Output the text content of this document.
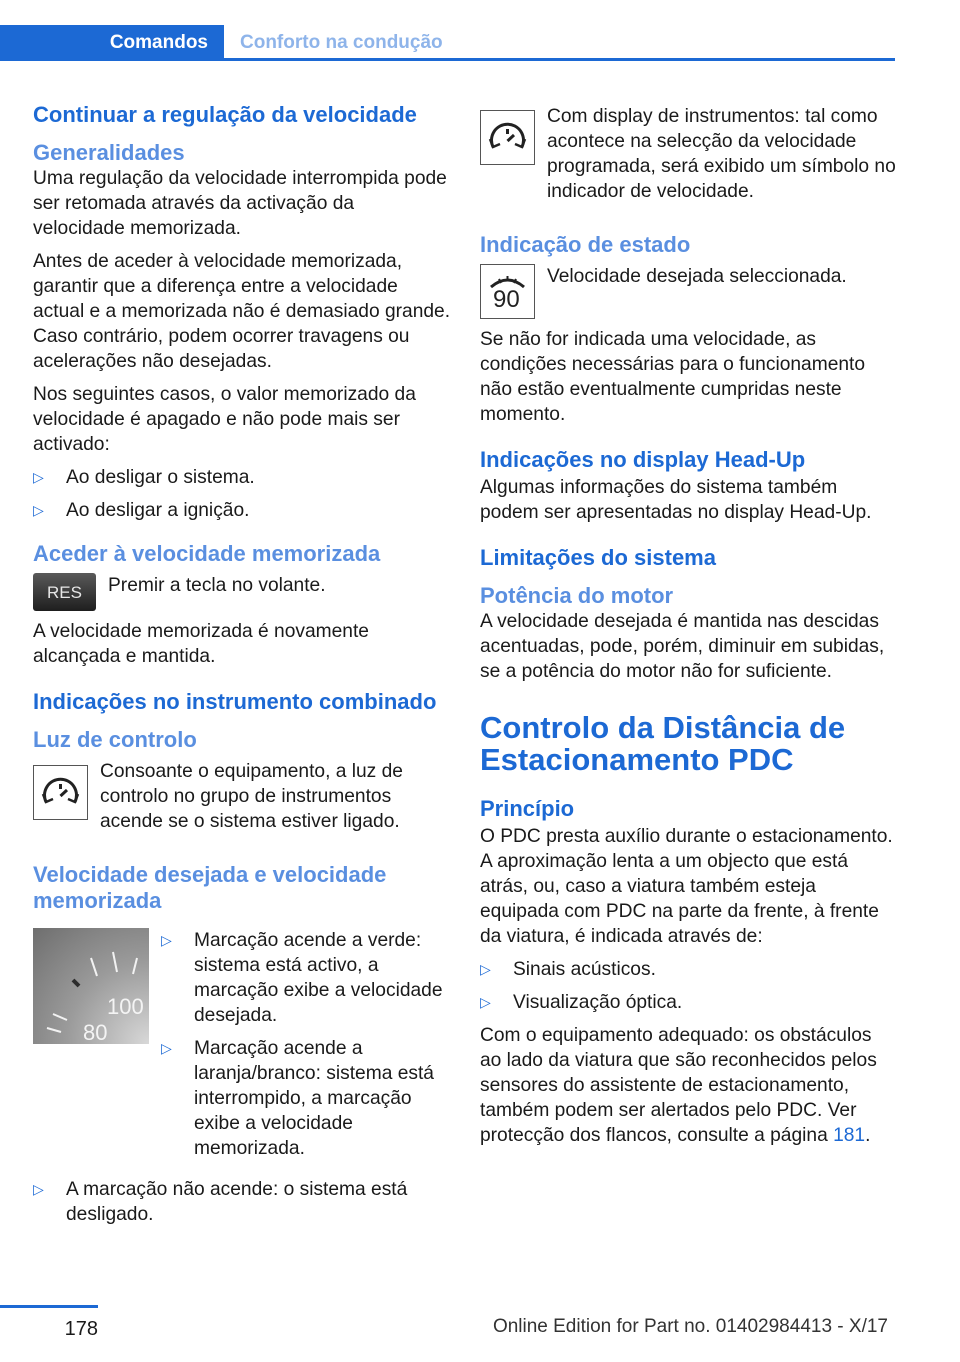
Comandos	Conforto na condução
Continuar a regulação da velocidade
Generalidades

Uma regulação da velocidade interrompida pode ser retomada através da activação da velocidade memorizada.

Antes de aceder à velocidade memorizada, garantir que a diferença entre a velocidade actual e a memorizada não é demasiado grande. Caso contrário, podem ocorrer travagens ou acelerações não desejadas.

Nos seguintes casos, o valor memorizado da velocidade é apagado e não pode mais ser activado:

▷	Ao desligar o sistema.
▷	Ao desligar a ignição.
Aceder à velocidade memorizada
RES	Premir a tecla no volante.

A velocidade memorizada é novamente alcançada e mantida.

Indicações no instrumento combinado
Luz de controlo
Consoante o equipamento, a luz de controlo no grupo de instrumentos acende se o sistema estiver ligado.
Velocidade desejada e velocidade memorizada
100
80
▷	Marcação acende a verde: sistema está activo, a marcação exibe a velocidade desejada.
▷	Marcação acende a laranja/branco: sistema está interrompido, a marcação exibe a velocidade memorizada.
▷	A marcação não acende: o sistema está desligado.
Com display de instrumentos: tal como acontece na selecção da velocidade programada, será exibido um símbolo no indicador de velocidade.
Indicação de estado
90
Velocidade desejada seleccionada.

Se não for indicada uma velocidade, as condições necessárias para o funcionamento não estão eventualmente cumpridas neste momento.

Indicações no display Head-Up

Algumas informações do sistema também podem ser apresentadas no display Head-Up.

Limitações do sistema
Potência do motor

A velocidade desejada é mantida nas descidas acentuadas, pode, porém, diminuir em subidas, se a potência do motor não for suficiente.

Controlo da Distância de Estacionamento PDC
Princípio

O PDC presta auxílio durante o estacionamento. A aproximação lenta a um objecto que está atrás, ou, caso a viatura também esteja equipada com PDC na parte da frente, à frente da viatura, é indicada através de:

▷	Sinais acústicos.
▷	Visualização óptica.

Com o equipamento adequado: os obstáculos ao lado da viatura que são reconhecidos pelos sensores do assistente de estacionamento, também podem ser alertados pelo PDC. Ver protecção dos flancos, consulte a página 181.

178	Online Edition for Part no. 01402984413 - X/17
